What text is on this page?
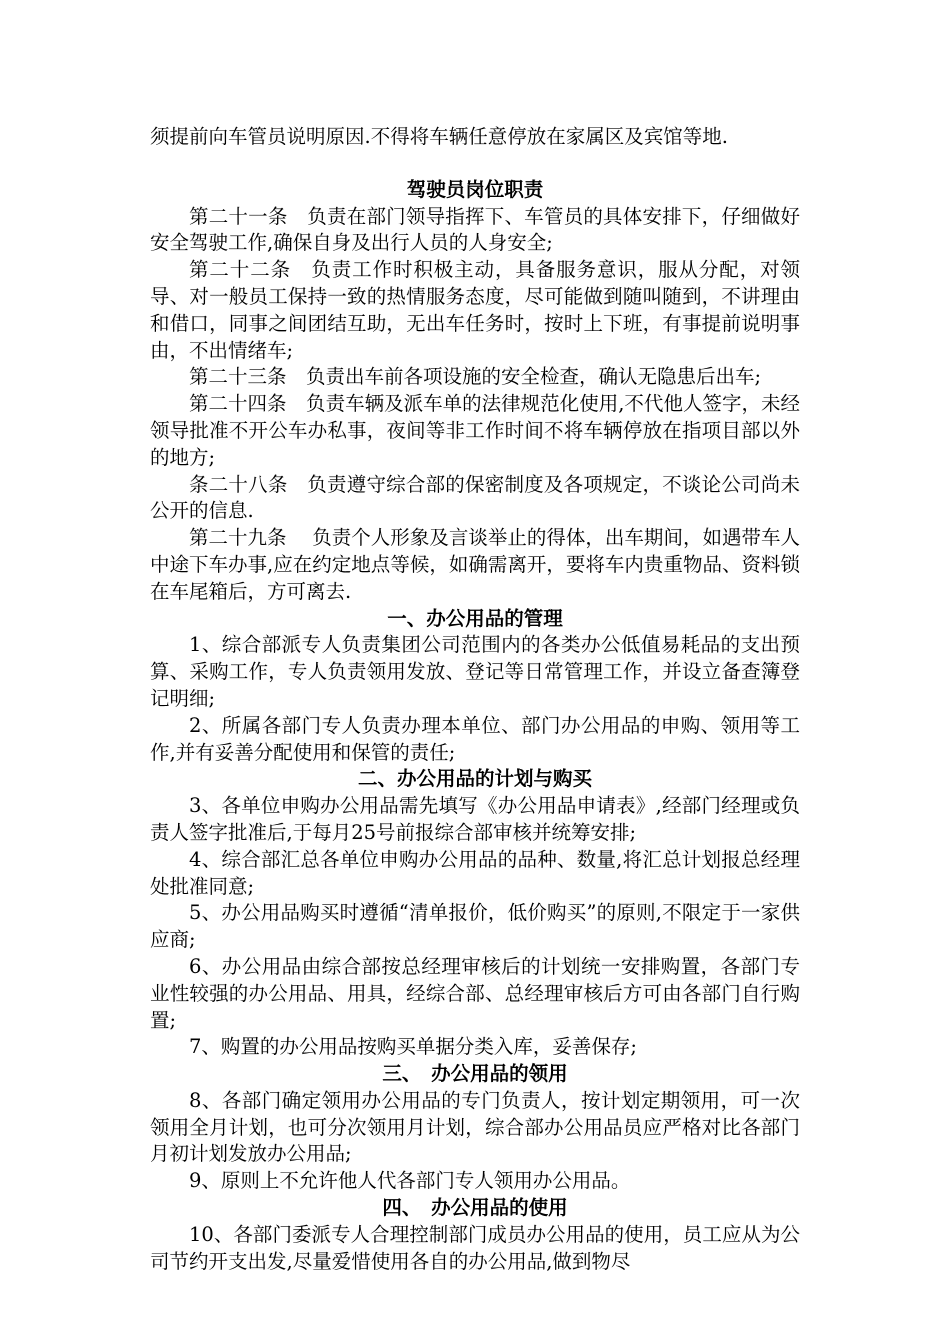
须提前向车管员说明原因.不得将车辆任意停放在家属区及宾馆等地.

驾驶员岗位职责

第二十一条　负责在部门领导指挥下、车管员的具体安排下，仔细做好安全驾驶工作,确保自身及出行人员的人身安全;

第二十二条　负责工作时积极主动，具备服务意识，服从分配，对领导、对一般员工保持一致的热情服务态度，尽可能做到随叫随到，不讲理由和借口，同事之间团结互助，无出车任务时，按时上下班，有事提前说明事由，不出情绪车;

第二十三条　负责出车前各项设施的安全检查，确认无隐患后出车;

第二十四条　负责车辆及派车单的法律规范化使用,不代他人签字，未经领导批准不开公车办私事，夜间等非工作时间不将车辆停放在指项目部以外的地方;

条二十八条　负责遵守综合部的保密制度及各项规定，不谈论公司尚未公开的信息.

第二十九条　 负责个人形象及言谈举止的得体，出车期间，如遇带车人中途下车办事,应在约定地点等候，如确需离开，要将车内贵重物品、资料锁在车尾箱后，方可离去.

一、办公用品的管理

1、综合部派专人负责集团公司范围内的各类办公低值易耗品的支出预算、采购工作，专人负责领用发放、登记等日常管理工作，并设立备查簿登记明细;

2、所属各部门专人负责办理本单位、部门办公用品的申购、领用等工作,并有妥善分配使用和保管的责任;

二、办公用品的计划与购买

3、各单位申购办公用品需先填写《办公用品申请表》,经部门经理或负责人签字批准后,于每月25号前报综合部审核并统筹安排;

4、综合部汇总各单位申购办公用品的品种、数量,将汇总计划报总经理处批准同意;

5、办公用品购买时遵循“清单报价，低价购买”的原则,不限定于一家供应商;

6、办公用品由综合部按总经理审核后的计划统一安排购置，各部门专业性较强的办公用品、用具，经综合部、总经理审核后方可由各部门自行购置;

7、购置的办公用品按购买单据分类入库，妥善保存;

三、　办公用品的领用

8、各部门确定领用办公用品的专门负责人，按计划定期领用，可一次领用全月计划，也可分次领用月计划，综合部办公用品员应严格对比各部门月初计划发放办公用品;

9、原则上不允许他人代各部门专人领用办公用品。

四、　办公用品的使用

10、各部门委派专人合理控制部门成员办公用品的使用，员工应从为公司节约开支出发,尽量爱惜使用各自的办公用品,做到物尽
